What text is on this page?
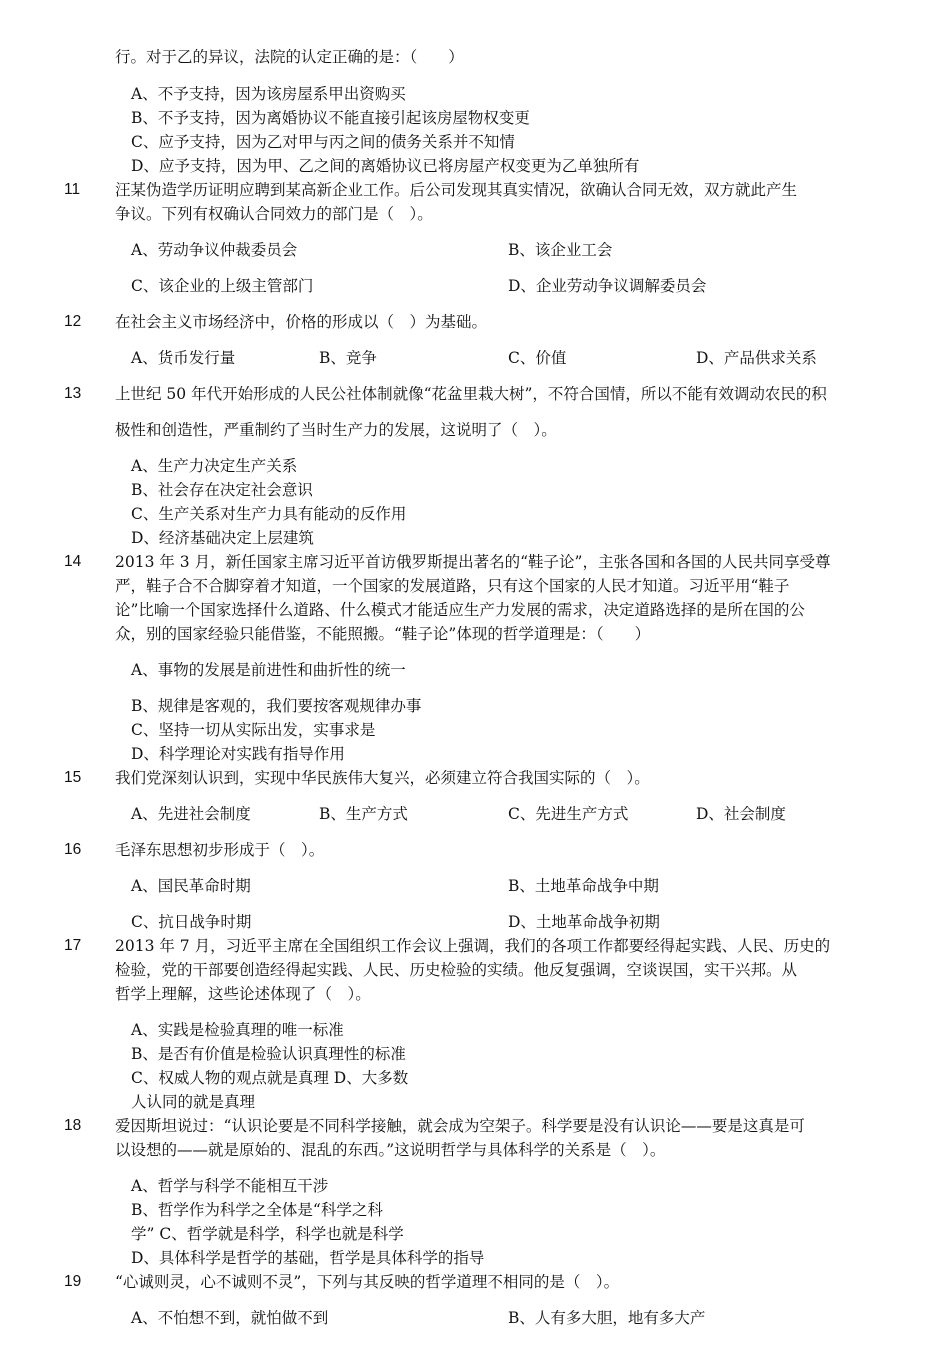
行。对于乙的异议，法院的认定正确的是：（　　）
A、不予支持，因为该房屋系甲出资购买
B、不予支持，因为离婚协议不能直接引起该房屋物权变更
C、应予支持，因为乙对甲与丙之间的债务关系并不知情
D、应予支持，因为甲、乙之间的离婚协议已将房屋产权变更为乙单独所有
11 汪某伪造学历证明应聘到某高新企业工作。后公司发现其真实情况，欲确认合同无效，双方就此产生
争议。下列有权确认合同效力的部门是（　）。
A、劳动争议仲裁委员会	B、该企业工会
C、该企业的上级主管部门	D、企业劳动争议调解委员会
12 在社会主义市场经济中，价格的形成以（　）为基础。
A、货币发行量	B、竞争	C、价值	D、产品供求关系
13 上世纪 50 年代开始形成的人民公社体制就像“花盆里栽大树”，不符合国情，所以不能有效调动农民的积
极性和创造性，严重制约了当时生产力的发展，这说明了（　）。
A、生产力决定生产关系
B、社会存在决定社会意识
C、生产关系对生产力具有能动的反作用
D、经济基础决定上层建筑
14 2013 年 3 月，新任国家主席习近平首访俄罗斯提出著名的“鞋子论”，主张各国和各国的人民共同享受尊
严，鞋子合不合脚穿着才知道，一个国家的发展道路，只有这个国家的人民才知道。习近平用“鞋子
论”比喻一个国家选择什么道路、什么模式才能适应生产力发展的需求，决定道路选择的是所在国的公
众，别的国家经验只能借鉴，不能照搬。“鞋子论”体现的哲学道理是：（　　）
A、事物的发展是前进性和曲折性的统一
B、规律是客观的，我们要按客观规律办事
C、坚持一切从实际出发，实事求是
D、科学理论对实践有指导作用
15 我们党深刻认识到，实现中华民族伟大复兴，必须建立符合我国实际的（　）。
A、先进社会制度	B、生产方式	C、先进生产方式	D、社会制度
16 毛泽东思想初步形成于（　）。
A、国民革命时期	B、土地革命战争中期
C、抗日战争时期	D、土地革命战争初期
17 2013 年 7 月，习近平主席在全国组织工作会议上强调，我们的各项工作都要经得起实践、人民、历史的
检验，党的干部要创造经得起实践、人民、历史检验的实绩。他反复强调，空谈误国，实干兴邦。从
哲学上理解，这些论述体现了（　）。
A、实践是检验真理的唯一标准
B、是否有价值是检验认识真理性的标准
C、权威人物的观点就是真理 D、大多数
人认同的就是真理
18 爱因斯坦说过：“认识论要是不同科学接触，就会成为空架子。科学要是没有认识论——要是这真是可
以设想的——就是原始的、混乱的东西。”这说明哲学与具体科学的关系是（　）。
A、哲学与科学不能相互干涉
B、哲学作为科学之全体是“科学之科
学” C、哲学就是科学，科学也就是科学
D、具体科学是哲学的基础，哲学是具体科学的指导
19 “心诚则灵，心不诚则不灵”，下列与其反映的哲学道理不相同的是（　）。
A、不怕想不到，就怕做不到	B、人有多大胆，地有多大产
